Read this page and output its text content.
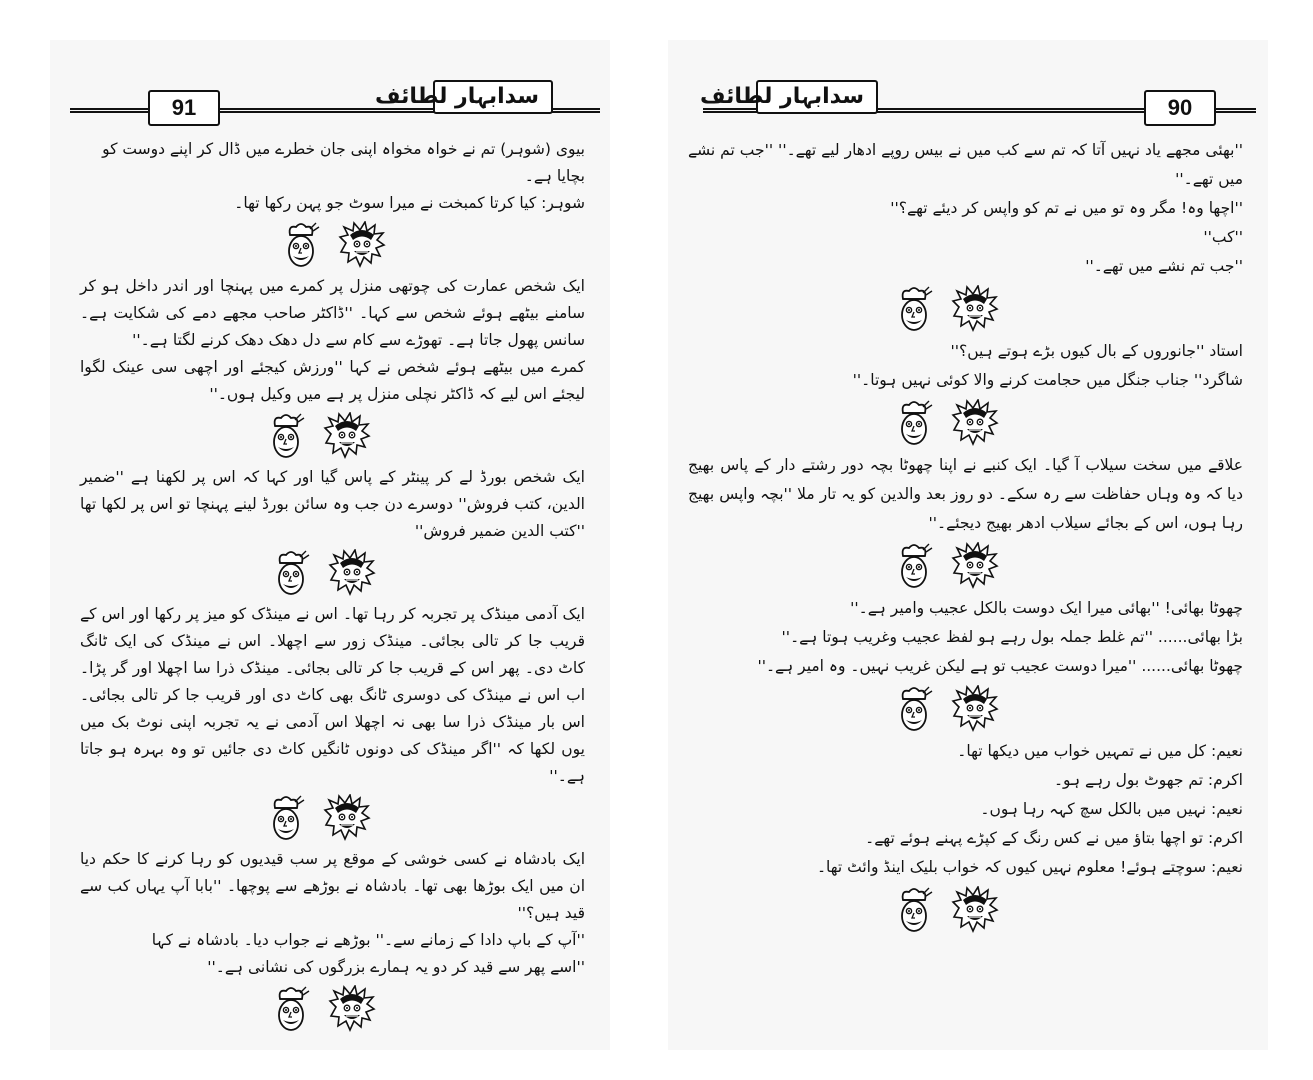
91	سدابہار لطائف

بیوی (شوہر) تم نے خواہ مخواہ اپنی جان خطرے میں ڈال کر اپنے دوست کو بچایا ہے۔

شوہر: کیا کرتا کمبخت نے میرا سوٹ جو پہن رکھا تھا۔

ایک شخص عمارت کی چوتھی منزل پر کمرے میں پہنچا اور اندر داخل ہو کر سامنے بیٹھے ہوئے شخص سے کہا۔ ''ڈاکٹر صاحب مجھے دمے کی شکایت ہے۔ سانس پھول جاتا ہے۔ تھوڑے سے کام سے دل دھک دھک کرنے لگتا ہے۔''

کمرے میں بیٹھے ہوئے شخص نے کہا ''ورزش کیجئے اور اچھی سی عینک لگوا لیجئے اس لیے کہ ڈاکٹر نچلی منزل پر ہے میں وکیل ہوں۔''

ایک شخص بورڈ لے کر پینٹر کے پاس گیا اور کہا کہ اس پر لکھنا ہے ''ضمیر الدین، کتب فروش'' دوسرے دن جب وہ سائن بورڈ لینے پہنچا تو اس پر لکھا تھا ''کتب الدین ضمیر فروش''

ایک آدمی مینڈک پر تجربہ کر رہا تھا۔ اس نے مینڈک کو میز پر رکھا اور اس کے قریب جا کر تالی بجائی۔ مینڈک زور سے اچھلا۔ اس نے مینڈک کی ایک ٹانگ کاٹ دی۔ پھر اس کے قریب جا کر تالی بجائی۔ مینڈک ذرا سا اچھلا اور گر پڑا۔ اب اس نے مینڈک کی دوسری ٹانگ بھی کاٹ دی اور قریب جا کر تالی بجائی۔ اس بار مینڈک ذرا سا بھی نہ اچھلا اس آدمی نے یہ تجربہ اپنی نوٹ بک میں یوں لکھا کہ ''اگر مینڈک کی دونوں ٹانگیں کاٹ دی جائیں تو وہ بہرہ ہو جاتا ہے۔''

ایک بادشاہ نے کسی خوشی کے موقع پر سب قیدیوں کو رہا کرنے کا حکم دیا ان میں ایک بوڑھا بھی تھا۔ بادشاہ نے بوڑھے سے پوچھا۔ ''بابا آپ یہاں کب سے قید ہیں؟''

''آپ کے باپ دادا کے زمانے سے۔'' بوڑھے نے جواب دیا۔ بادشاہ نے کہا

''اسے پھر سے قید کر دو یہ ہمارے بزرگوں کی نشانی ہے۔''

سدابہار لطائف	90

''بھئی مجھے یاد نہیں آتا کہ تم سے کب میں نے بیس روپے ادھار لیے تھے۔'' ''جب تم نشے میں تھے۔''

''اچھا وہ! مگر وہ تو میں نے تم کو واپس کر دیئے تھے؟''

''کب''

''جب تم نشے میں تھے۔''

استاد ''جانوروں کے بال کیوں بڑے ہوتے ہیں؟''

شاگرد'' جناب جنگل میں حجامت کرنے والا کوئی نہیں ہوتا۔''

علاقے میں سخت سیلاب آ گیا۔ ایک کنبے نے اپنا چھوٹا بچہ دور رشتے دار کے پاس بھیج دیا کہ وہ وہاں حفاظت سے رہ سکے۔ دو روز بعد والدین کو یہ تار ملا ''بچہ واپس بھیج رہا ہوں، اس کے بجائے سیلاب ادھر بھیج دیجئے۔''

چھوٹا بھائی! ''بھائی میرا ایک دوست بالکل عجیب وامیر ہے۔''

بڑا بھائی...... ''تم غلط جملہ بول رہے ہو لفظ عجیب وغریب ہوتا ہے۔''

چھوٹا بھائی...... ''میرا دوست عجیب تو ہے لیکن غریب نہیں۔ وہ امیر ہے۔''

نعیم: کل میں نے تمہیں خواب میں دیکھا تھا۔

اکرم: تم جھوٹ بول رہے ہو۔

نعیم: نہیں میں بالکل سچ کہہ رہا ہوں۔

اکرم: تو اچھا بتاؤ میں نے کس رنگ کے کپڑے پہنے ہوئے تھے۔

نعیم: سوچتے ہوئے! معلوم نہیں کیوں کہ خواب بلیک اینڈ وائٹ تھا۔
